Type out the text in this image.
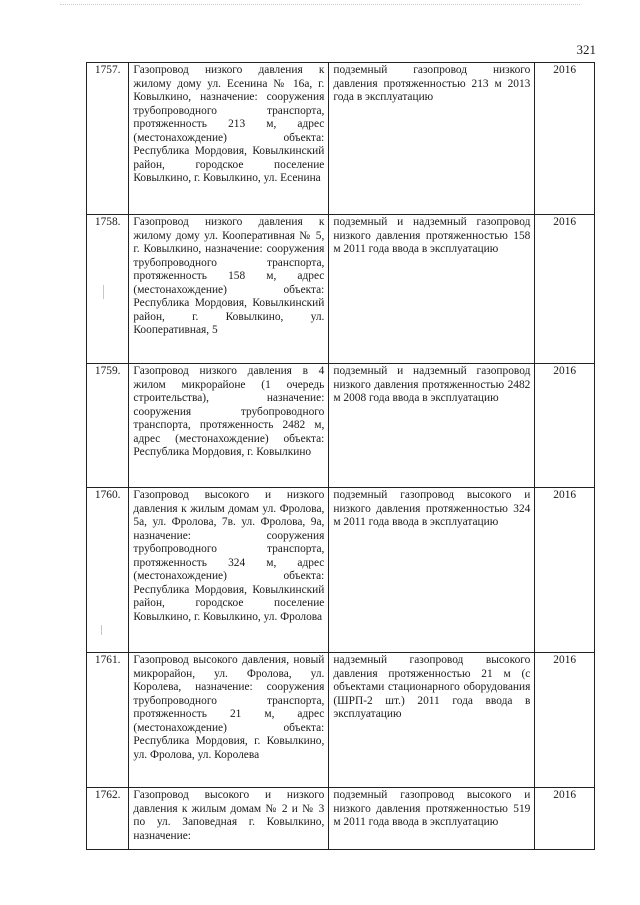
321
1757.	Газопровод низкого давления к жилому дому ул. Есенина № 16а, г. Ковылкино, назначение: сооружения трубопроводного транспорта, протяженность 213 м, адрес (местонахождение) объекта: Республика Мордовия, Ковылкинский район, городское поселение Ковылкино, г. Ковылкино, ул. Есенина	подземный газопровод низкого давления протяженностью 213 м 2013 года в эксплуатацию	2016
1758.	Газопровод низкого давления к жилому дому ул. Кооперативная № 5, г. Ковылкино, назначение: сооружения трубопроводного транспорта, протяженность 158 м, адрес (местонахождение) объекта: Республика Мордовия, Ковылкинский район, г. Ковылкино, ул. Кооперативная, 5	подземный и надземный газопровод низкого давления протяженностью 158 м 2011 года ввода в эксплуатацию	2016
1759.	Газопровод низкого давления в 4 жилом микрорайоне (1 очередь строительства), назначение: сооружения трубопроводного транспорта, протяженность 2482 м, адрес (местонахождение) объекта: Республика Мордовия, г. Ковылкино	подземный и надземный газопровод низкого давления протяженностью 2482 м 2008 года ввода в эксплуатацию	2016
1760.	Газопровод высокого и низкого давления к жилым домам ул. Фролова, 5а, ул. Фролова, 7в. ул. Фролова, 9а, назначение: сооружения трубопроводного транспорта, протяженность 324 м, адрес (местонахождение) объекта: Республика Мордовия, Ковылкинский район, городское поселение Ковылкино, г. Ковылкино, ул. Фролова	подземный газопровод высокого и низкого давления протяженностью 324 м 2011 года ввода в эксплуатацию	2016
1761.	Газопровод высокого давления, новый микрорайон, ул. Фролова, ул. Королева, назначение: сооружения трубопроводного транспорта, протяженность 21 м, адрес (местонахождение) объекта: Республика Мордовия, г. Ковылкино, ул. Фролова, ул. Королева	надземный газопровод высокого давления протяженностью 21 м (с объектами стационарного оборудования (ШРП-2 шт.) 2011 года ввода в эксплуатацию	2016
1762.	Газопровод высокого и низкого давления к жилым домам № 2 и № 3 по ул. Заповедная г. Ковылкино, назначение:	подземный газопровод высокого и низкого давления протяженностью 519 м 2011 года ввода в эксплуатацию	2016
